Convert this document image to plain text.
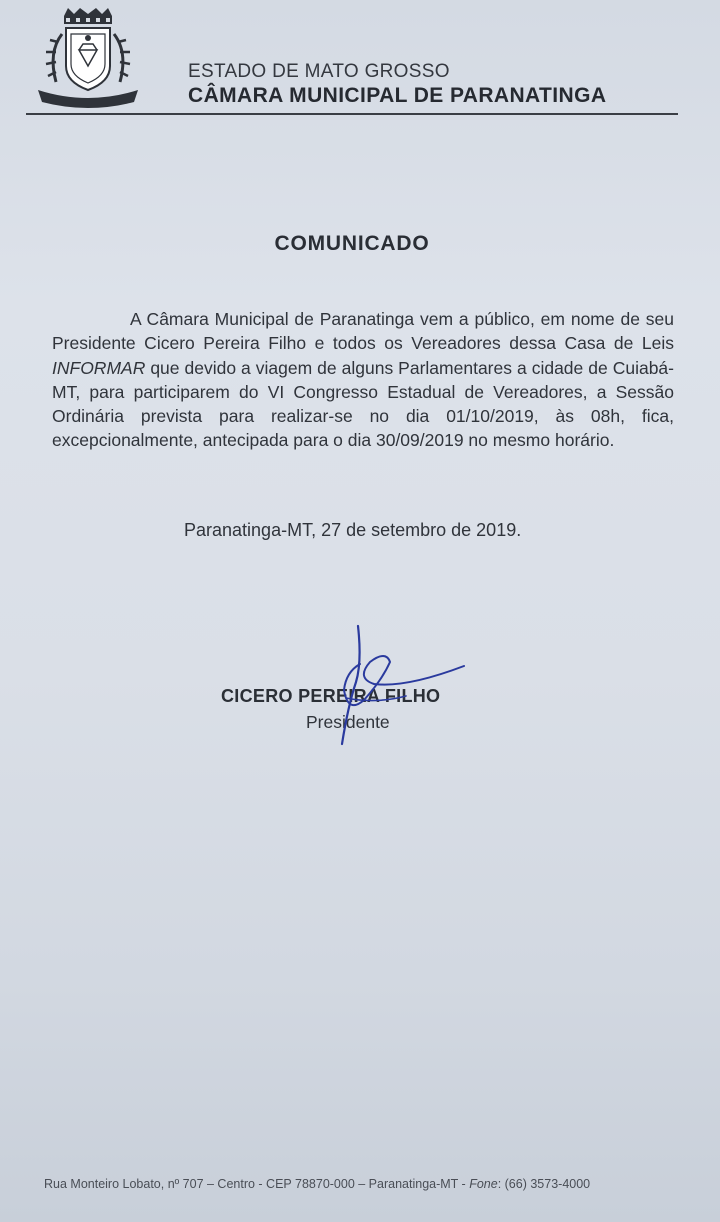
ESTADO DE MATO GROSSO
CÂMARA MUNICIPAL DE PARANATINGA
COMUNICADO

A Câmara Municipal de Paranatinga vem a público, em nome de seu Presidente Cicero Pereira Filho e todos os Vereadores dessa Casa de Leis INFORMAR que devido a viagem de alguns Parlamentares a cidade de Cuiabá-MT, para participarem do VI Congresso Estadual de Vereadores, a Sessão Ordinária prevista para realizar-se no dia 01/10/2019, às 08h, fica, excepcionalmente, antecipada para o dia 30/09/2019 no mesmo horário.

Paranatinga-MT, 27 de setembro de 2019.
CICERO PEREIRA FILHO
Presidente
Rua Monteiro Lobato, nº 707 – Centro - CEP 78870-000 – Paranatinga-MT - Fone: (66) 3573-4000
